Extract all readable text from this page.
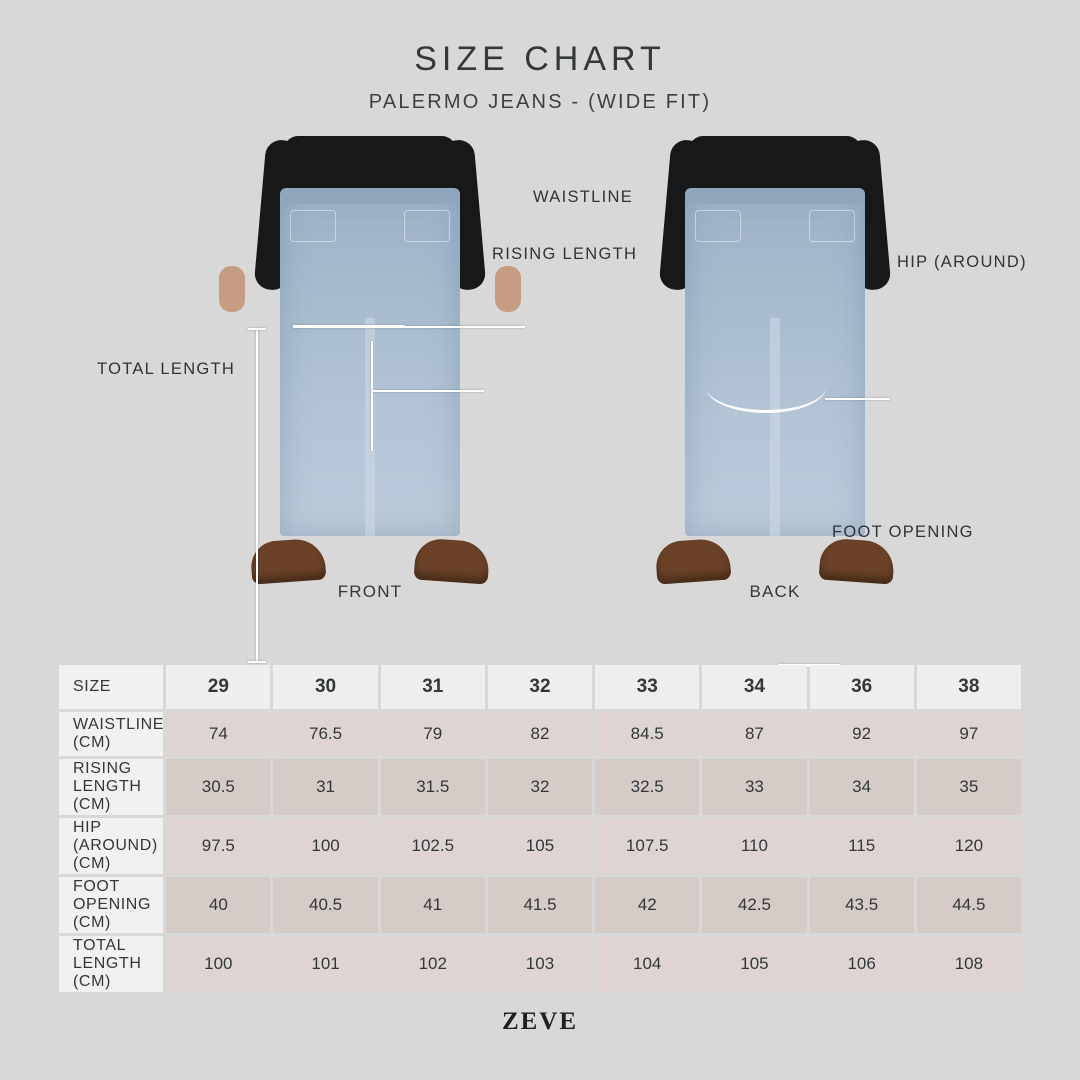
SIZE CHART

PALERMO JEANS - (WIDE FIT)

FRONT	BACK
WAISTLINE
RISING LENGTH	HIP (AROUND)
FOOT OPENING
TOTAL LENGTH
SIZE	29	30	31	32	33	34	36	38
WAISTLINE (CM)	74	76.5	79	82	84.5	87	92	97
RISING LENGTH (CM)	30.5	31	31.5	32	32.5	33	34	35
HIP (AROUND) (CM)	97.5	100	102.5	105	107.5	110	115	120
FOOT OPENING (CM)	40	40.5	41	41.5	42	42.5	43.5	44.5
TOTAL LENGTH (CM)	100	101	102	103	104	105	106	108
ZEVE
